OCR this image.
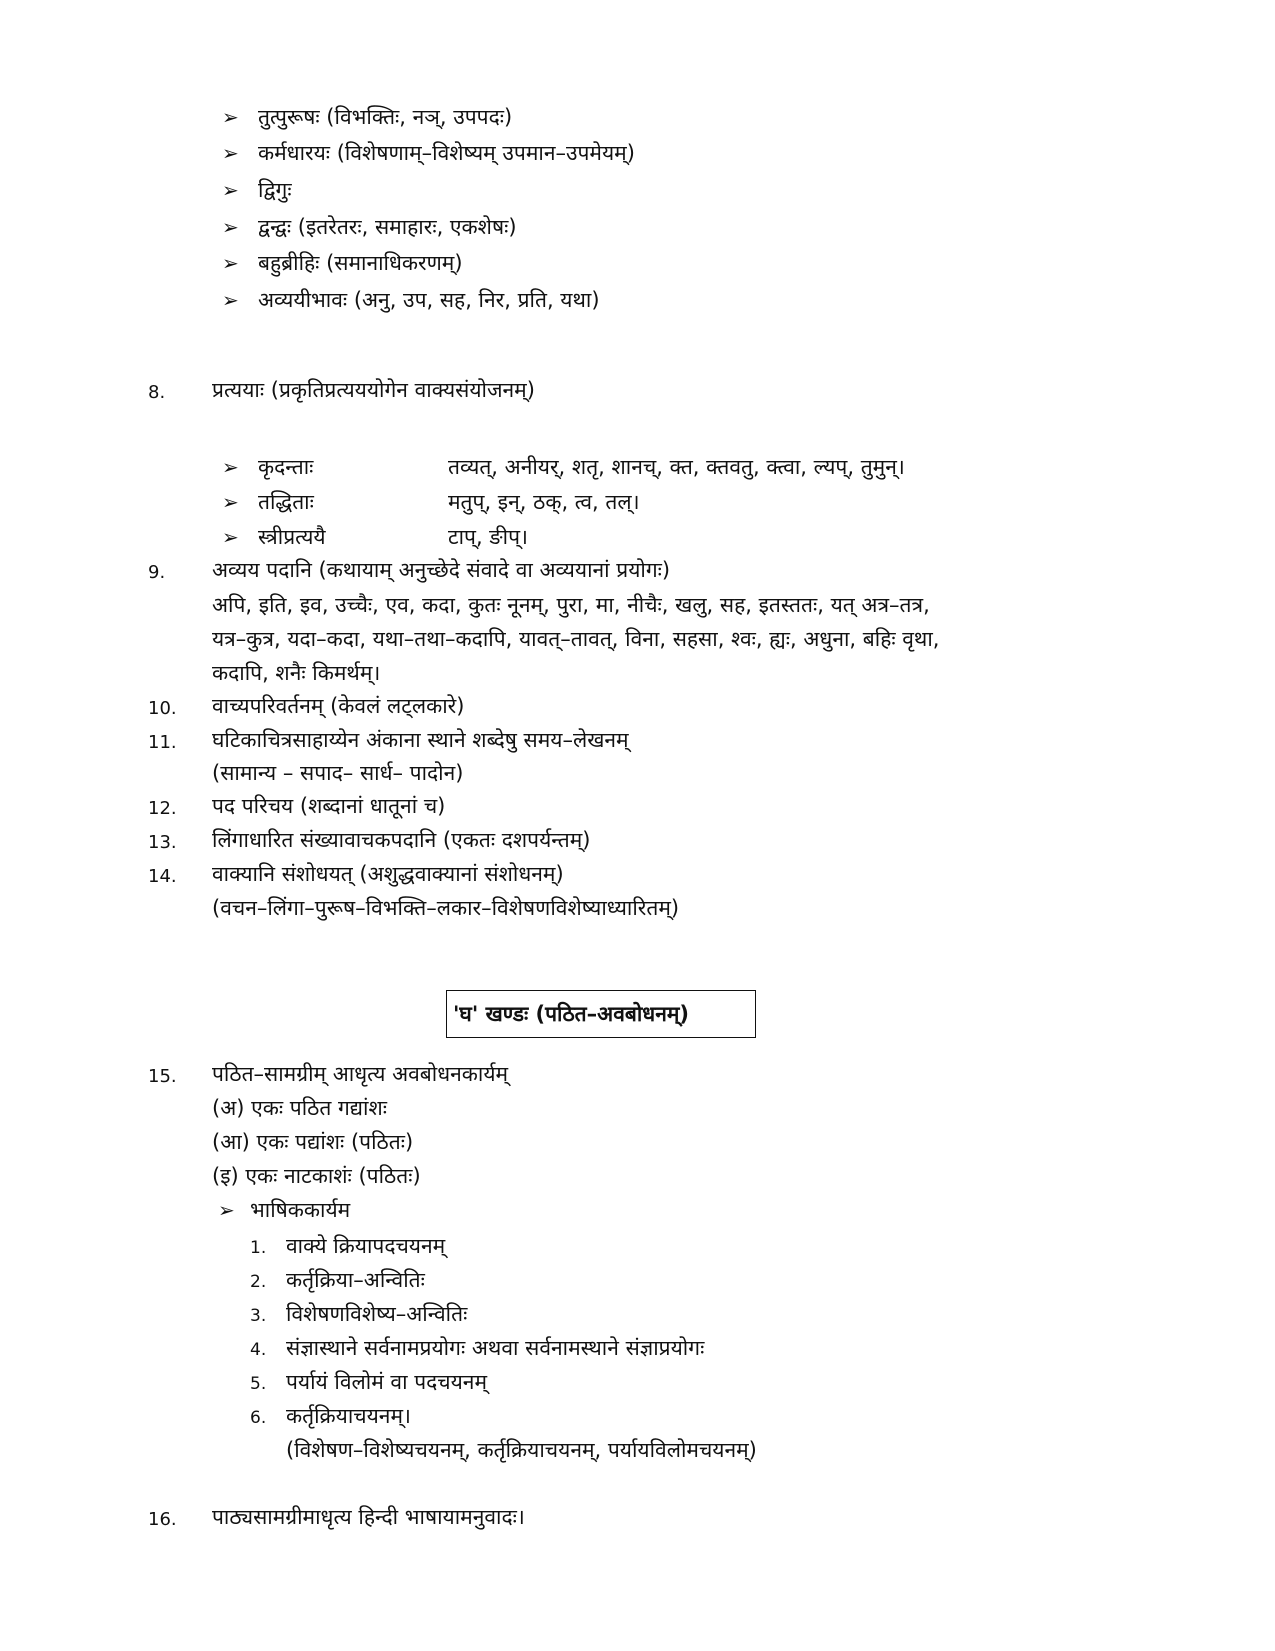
➢ तुत्पुरूषः (विभक्तिः, नञ्, उपपदः)
➢ कर्मधारयः (विशेषणाम्–विशेष्यम् उपमान–उपमेयम्)
➢ द्विगुः
➢ द्वन्द्वः (इतरेतरः, समाहारः, एकशेषः)
➢ बहुब्रीहिः (समानाधिकरणम्)
➢ अव्ययीभावः (अनु, उप, सह, निर, प्रति, यथा)
8. प्रत्ययाः (प्रकृतिप्रत्यययोगेन वाक्यसंयोजनम्)
➢ कृदन्ताः	तव्यत्, अनीयर्, शतृ, शानच्, क्त, क्तवतु, क्त्वा, ल्यप्, तुमुन्।
➢ तद्धिताः	मतुप्, इन्, ठक्, त्व, तल्।
➢ स्त्रीप्रत्ययै	टाप्, ङीप्।
9. अव्यय पदानि (कथायाम् अनुच्छेदे संवादे वा अव्ययानां प्रयोगः)
अपि, इति, इव, उच्चैः, एव, कदा, कुतः नूनम्, पुरा, मा, नीचैः, खलु, सह, इतस्ततः, यत् अत्र–तत्र,
यत्र–कुत्र, यदा–कदा, यथा–तथा–कदापि, यावत्–तावत्, विना, सहसा, श्वः, ह्यः, अधुना, बहिः वृथा,
कदापि, शनैः किमर्थम्।
10. वाच्यपरिवर्तनम् (केवलं लट्लकारे)
11. घटिकाचित्रसाहाय्येन अंकाना स्थाने शब्देषु समय–लेखनम्
(सामान्य – सपाद– सार्ध– पादोन)
12. पद परिचय (शब्दानां धातूनां च)
13. लिंगाधारित संख्यावाचकपदानि (एकतः दशपर्यन्तम्)
14. वाक्यानि संशोधयत् (अशुद्धवाक्यानां संशोधनम्)
(वचन–लिंगा–पुरूष–विभक्ति–लकार–विशेषणविशेष्याध्यारितम्)
'घ' खण्डः (पठित–अवबोधनम्)
15. पठित–सामग्रीम् आधृत्य अवबोधनकार्यम्
(अ) एकः पठित गद्यांशः
(आ) एकः पद्यांशः (पठितः)
(इ) एकः नाटकाशंः (पठितः)
➢ भाषिककार्यम
1. वाक्ये क्रियापदचयनम्
2. कर्तृक्रिया–अन्वितिः
3. विशेषणविशेष्य–अन्वितिः
4. संज्ञास्थाने सर्वनामप्रयोगः अथवा सर्वनामस्थाने संज्ञाप्रयोगः
5. पर्यायं विलोमं वा पदचयनम्
6. कर्तृक्रियाचयनम्।
(विशेषण–विशेष्यचयनम्, कर्तृक्रियाचयनम्, पर्यायविलोमचयनम्)
16. पाठ्यसामग्रीमाधृत्य हिन्दी भाषायामनुवादः।
